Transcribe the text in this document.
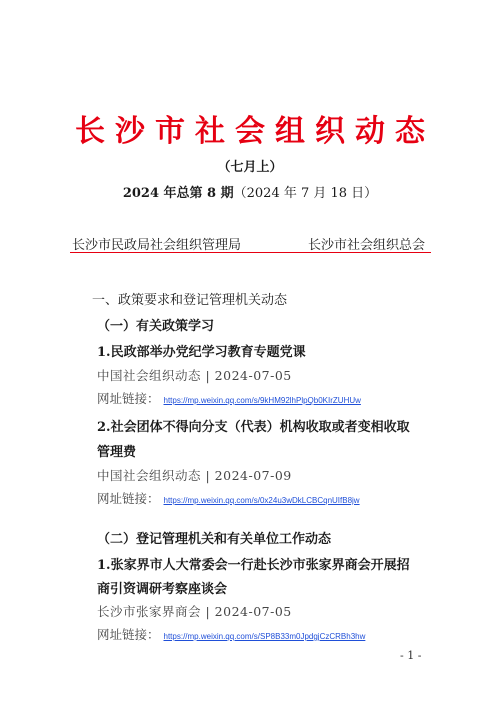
长沙市社会组织动态
（七月上）
2024 年总第 8 期（2024 年 7 月 18 日）
长沙市民政局社会组织管理局	长沙市社会组织总会
一、政策要求和登记管理机关动态
（一）有关政策学习
1.民政部举办党纪学习教育专题党课
中国社会组织动态 | 2024-07-05
网址链接： https://mp.weixin.qq.com/s/9kHM92lhPlpQb0KIrZUHUw
2.社会团体不得向分支（代表）机构收取或者变相收取
管理费
中国社会组织动态 | 2024-07-09
网址链接： https://mp.weixin.qq.com/s/0x24u3wDkLCBCqnUIfB8jw
（二）登记管理机关和有关单位工作动态
1.张家界市人大常委会一行赴长沙市张家界商会开展招
商引资调研考察座谈会
长沙市张家界商会 | 2024-07-05
网址链接： https://mp.weixin.qq.com/s/SP8B33m0JpdgjCzCRBh3hw
- 1 -
